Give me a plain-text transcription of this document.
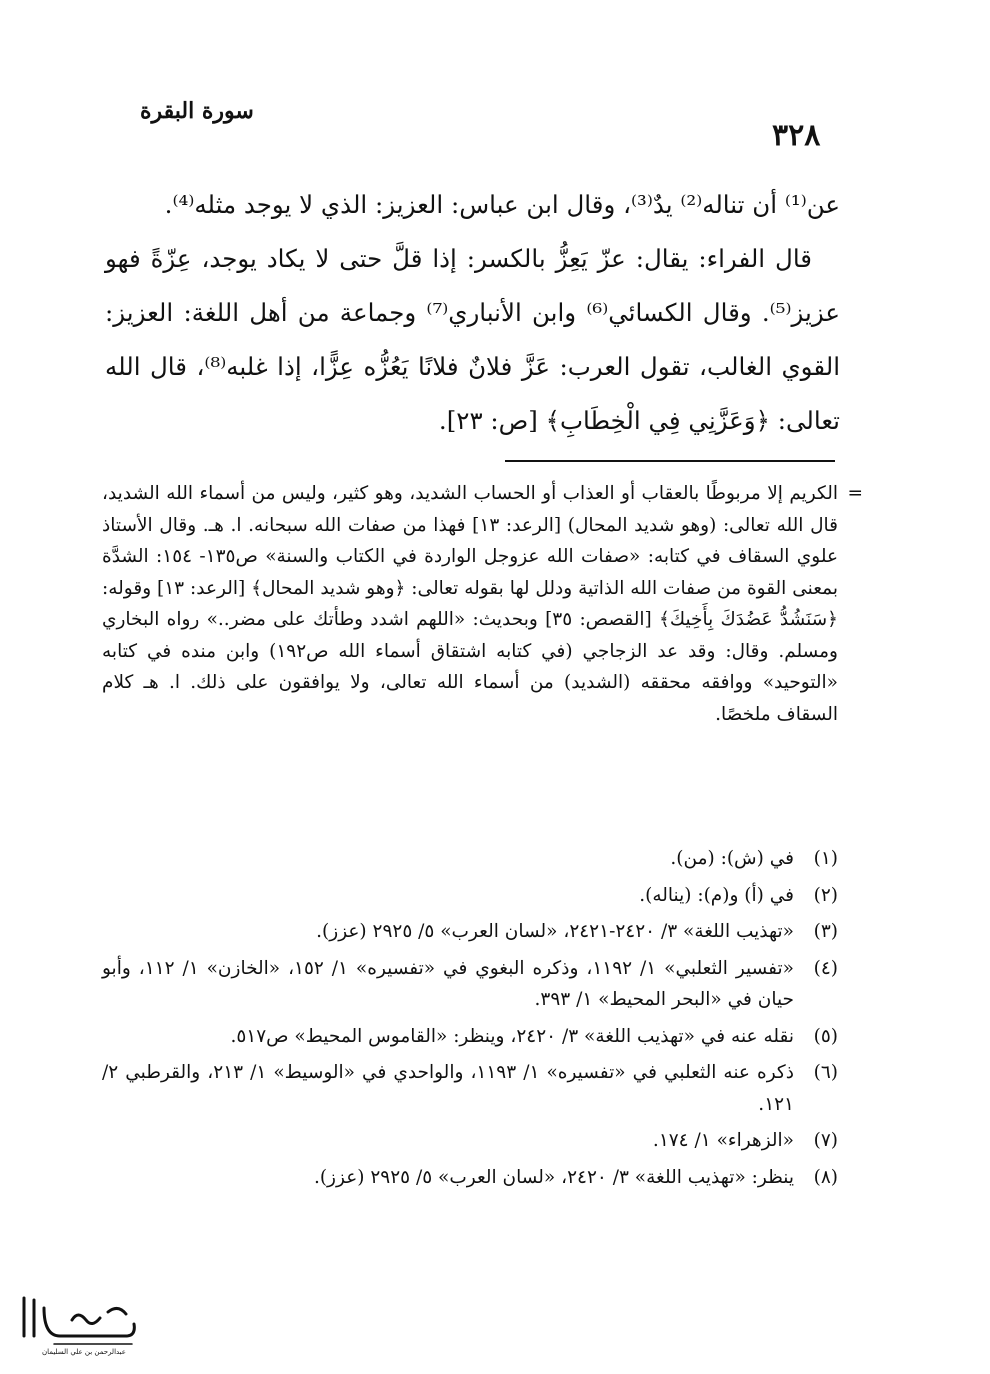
سورة البقرة
٣٢٨

عن⁽¹⁾ أن تناله⁽²⁾ يدٌ⁽³⁾، وقال ابن عباس: العزيز: الذي لا يوجد مثله⁽⁴⁾.

قال الفراء: يقال: عزّ يَعِزُّ بالكسر: إذا قلَّ حتى لا يكاد يوجد، عِزّةً فهو عزيز⁽⁵⁾. وقال الكسائي⁽⁶⁾ وابن الأنباري⁽⁷⁾ وجماعة من أهل اللغة: العزيز: القوي الغالب، تقول العرب: عَزَّ فلانٌ فلانًا يَعُزُّه عِزًّا، إذا غلبه⁽⁸⁾، قال الله تعالى: ﴿وَعَزَّنِي فِي الْخِطَابِ﴾ [ص: ٢٣].

=

الكريم إلا مربوطًا بالعقاب أو العذاب أو الحساب الشديد، وهو كثير، وليس من أسماء الله الشديد، قال الله تعالى: (وهو شديد المحال) [الرعد: ١٣] فهذا من صفات الله سبحانه. ا. هـ. وقال الأستاذ علوي السقاف في كتابه: «صفات الله عزوجل الواردة في الكتاب والسنة» ص١٣٥- ١٥٤: الشدَّة بمعنى القوة من صفات الله الذاتية ودلل لها بقوله تعالى: ﴿وهو شديد المحال﴾ [الرعد: ١٣] وقوله: ﴿سَنَشُدُّ عَضُدَكَ بِأَخِيكَ﴾ [القصص: ٣٥] وبحديث: «اللهم اشدد وطأتك على مضر..» رواه البخاري ومسلم. وقال: وقد عد الزجاجي (في كتابه اشتقاق أسماء الله ص١٩٢) وابن منده في كتابه «التوحيد» ووافقه محققه (الشديد) من أسماء الله تعالى، ولا يوافقون على ذلك. ا. هـ كلام السقاف ملخصًا.

(١)
في (ش): (من).
(٢)
في (أ) و(م): (يناله).
(٣)
«تهذيب اللغة» ٣/ ٢٤٢٠-٢٤٢١، «لسان العرب» ٥/ ٢٩٢٥ (عزز).
(٤)
«تفسير الثعلبي» ١/ ١١٩٢، وذكره البغوي في «تفسيره» ١/ ١٥٢، «الخازن» ١/ ١١٢، وأبو حيان في «البحر المحيط» ١/ ٣٩٣.
(٥)
نقله عنه في «تهذيب اللغة» ٣/ ٢٤٢٠، وينظر: «القاموس المحيط» ص٥١٧.
(٦)
ذكره عنه الثعلبي في «تفسيره» ١/ ١١٩٣، والواحدي في «الوسيط» ١/ ٢١٣، والقرطبي ٢/ ١٢١.
(٧)
«الزهراء» ١/ ١٧٤.
(٨)
ينظر: «تهذيب اللغة» ٣/ ٢٤٢٠، «لسان العرب» ٥/ ٢٩٢٥ (عزز).
عبدالرحمن بن علي السليمان
